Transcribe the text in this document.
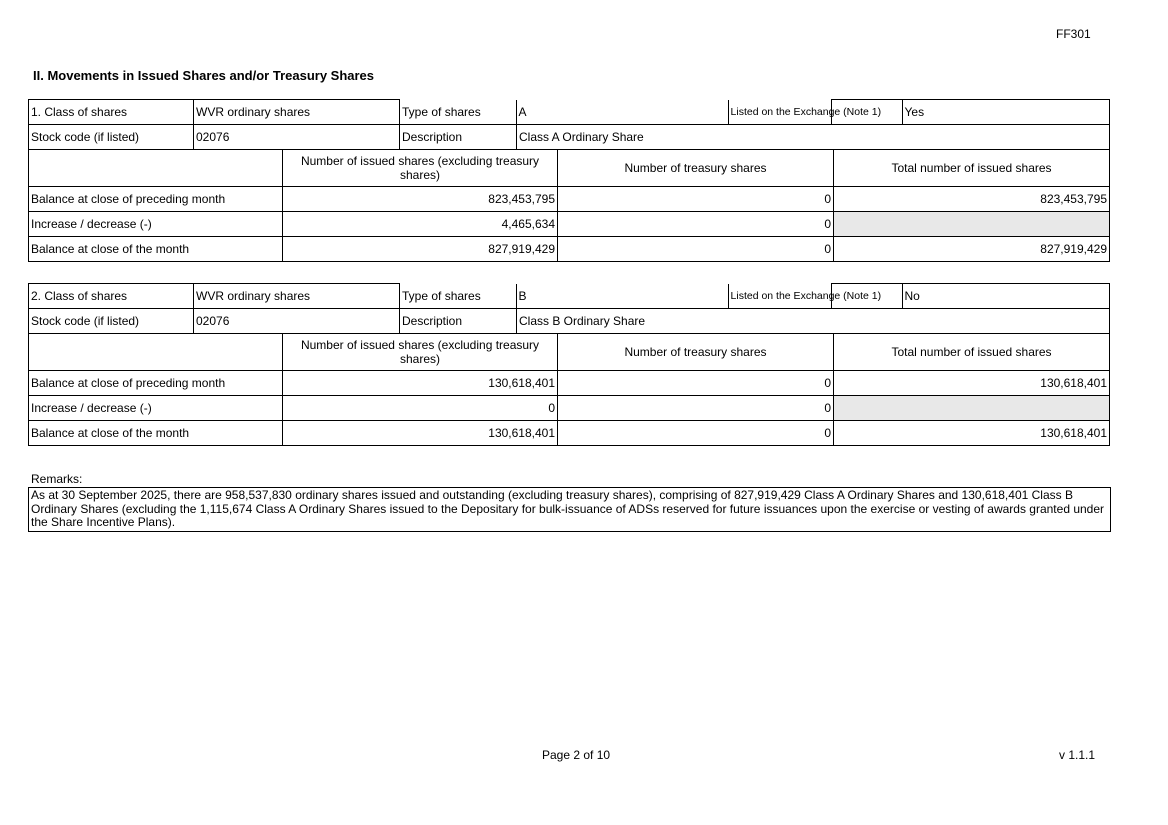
FF301
II. Movements in Issued Shares and/or Treasury Shares
1. Class of shares	WVR ordinary shares		Type of shares	A	Listed on the Exchange (Note 1)	Yes

Stock code (if listed)	02076	Description	Class A Ordinary Share
	Number of issued shares (excluding treasury shares)	Number of treasury shares	Total number of issued shares
Balance at close of preceding month	823,453,795	0	823,453,795
Increase / decrease (-)	4,465,634	0	
Balance at close of the month	827,919,429	0	827,919,429
2. Class of shares	WVR ordinary shares		Type of shares	B	Listed on the Exchange (Note 1)	No

Stock code (if listed)	02076	Description	Class B Ordinary Share
	Number of issued shares (excluding treasury shares)	Number of treasury shares	Total number of issued shares
Balance at close of preceding month	130,618,401	0	130,618,401
Increase / decrease (-)	0	0	
Balance at close of the month	130,618,401	0	130,618,401
Remarks:
As at 30 September 2025, there are 958,537,830 ordinary shares issued and outstanding (excluding treasury shares), comprising of 827,919,429 Class A Ordinary Shares and 130,618,401 Class B Ordinary Shares (excluding the 1,115,674 Class A Ordinary Shares issued to the Depositary for bulk-issuance of ADSs reserved for future issuances upon the exercise or vesting of awards granted under the Share Incentive Plans).
Page 2 of 10	v 1.1.1
